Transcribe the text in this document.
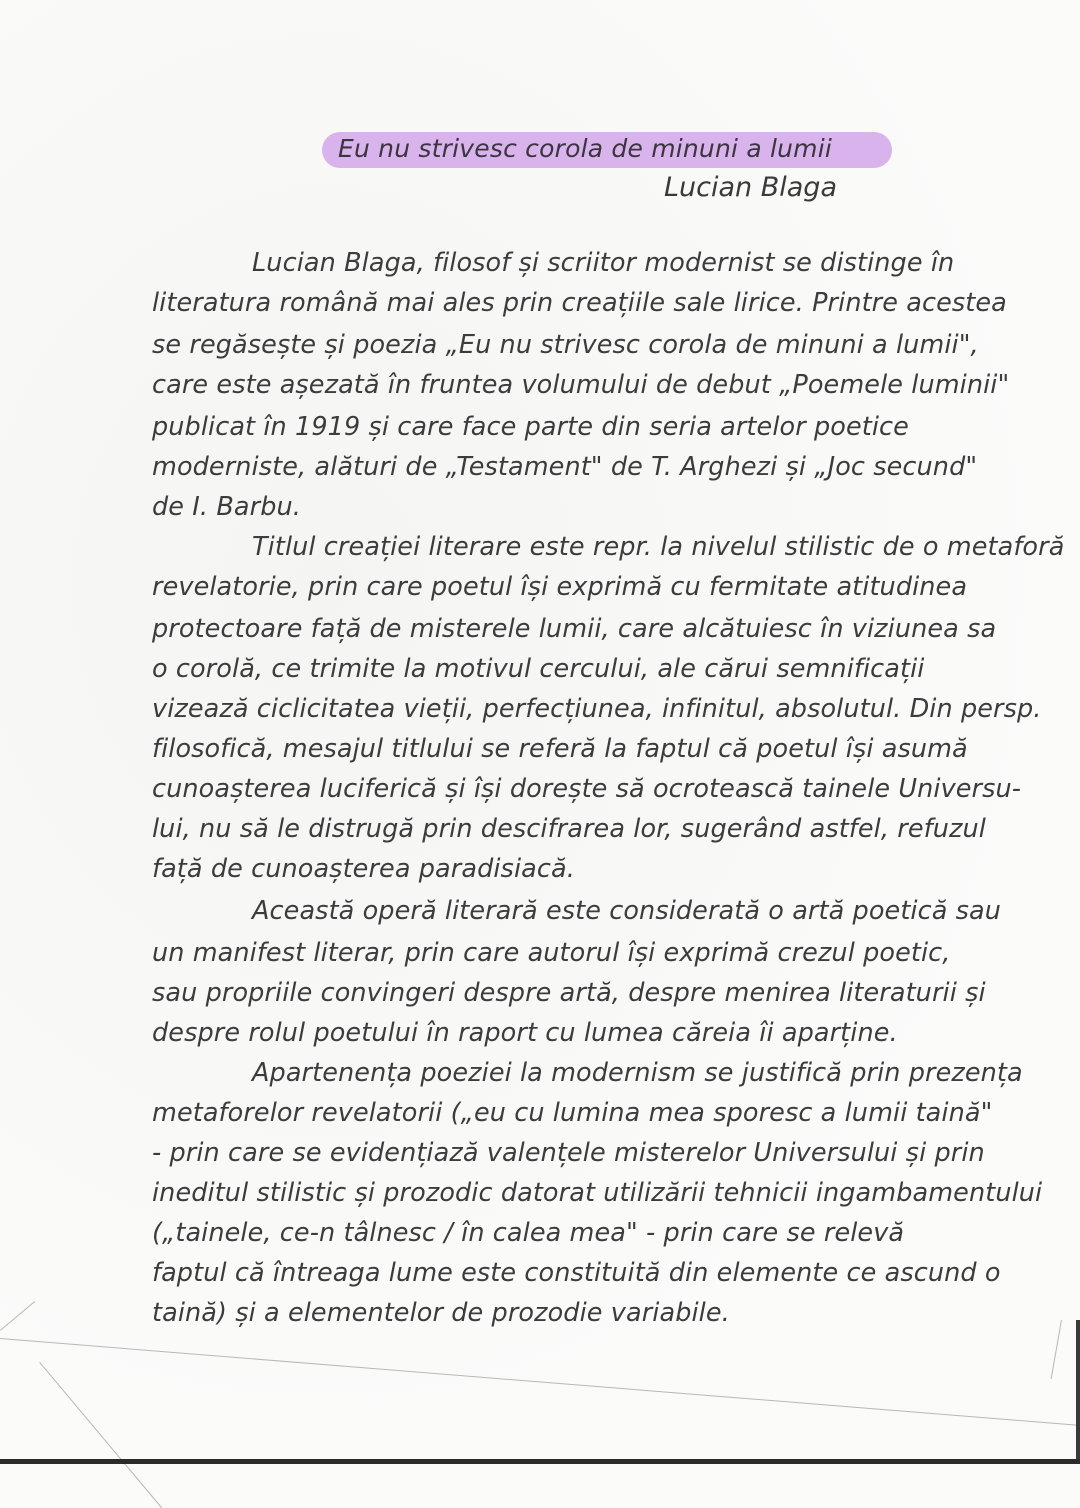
Eu nu strivesc corola de minuni a lumii
Lucian Blaga
Lucian Blaga, filosof și scriitor modernist se distinge în
literatura română mai ales prin creațiile sale lirice. Printre acestea
se regăsește și poezia „Eu nu strivesc corola de minuni a lumii",
care este așezată în fruntea volumului de debut „Poemele luminii"
publicat în 1919 și care face parte din seria artelor poetice
moderniste, alături de „Testament" de T. Arghezi și „Joc secund"
de I. Barbu.
Titlul creației literare este repr. la nivelul stilistic de o metaforă
revelatorie, prin care poetul își exprimă cu fermitate atitudinea
protectoare față de misterele lumii, care alcătuiesc în viziunea sa
o corolă, ce trimite la motivul cercului, ale cărui semnificații
vizează ciclicitatea vieții, perfecțiunea, infinitul, absolutul. Din persp.
filosofică, mesajul titlului se referă la faptul că poetul își asumă
cunoașterea luciferică și își dorește să ocrotească tainele Universu-
lui, nu să le distrugă prin descifrarea lor, sugerând astfel, refuzul
față de cunoașterea paradisiacă.
Această operă literară este considerată o artă poetică sau
un manifest literar, prin care autorul își exprimă crezul poetic,
sau propriile convingeri despre artă, despre menirea literaturii și
despre rolul poetului în raport cu lumea căreia îi aparține.
Apartenența poeziei la modernism se justifică prin prezența
metaforelor revelatorii („eu cu lumina mea sporesc a lumii taină"
- prin care se evidențiază valențele misterelor Universului și prin
ineditul stilistic și prozodic datorat utilizării tehnicii ingambamentului
(„tainele, ce-n tâlnesc / în calea mea" - prin care se relevă
faptul că întreaga lume este constituită din elemente ce ascund o
taină) și a elementelor de prozodie variabile.
